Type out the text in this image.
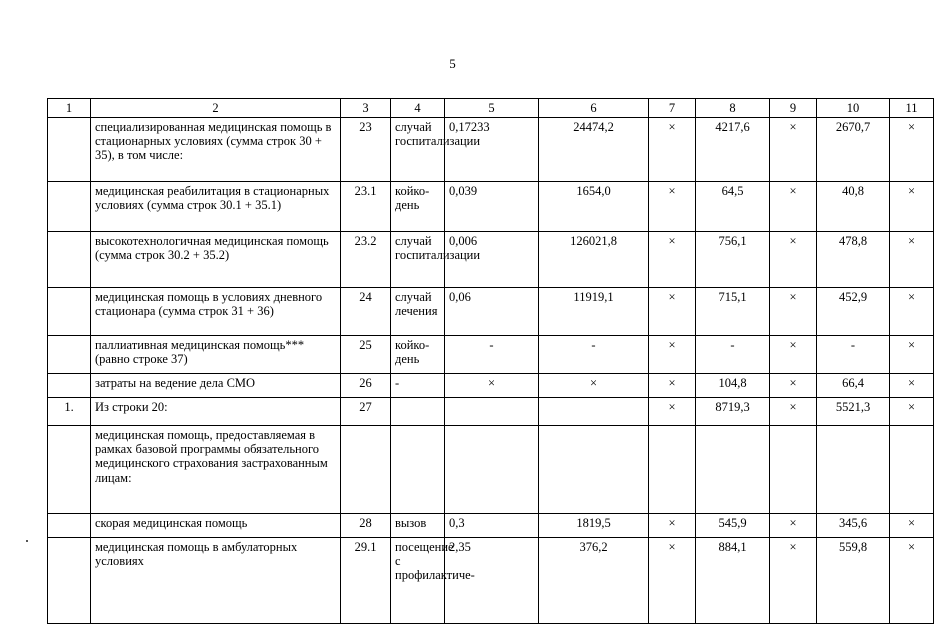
5
1	2	3	4	5	6	7	8	9	10	11
	специализированная медицинская помощь в стационарных условиях (сумма строк 30 + 35), в том числе:	23	случай госпитализации	0,17233	24474,2	×	4217,6	×	2670,7	×
	медицинская реабилитация в стационарных условиях (сумма строк 30.1 + 35.1)	23.1	койко-день	0,039	1654,0	×	64,5	×	40,8	×
	высокотехнологичная медицинская помощь (сумма строк 30.2 + 35.2)	23.2	случай госпитализации	0,006	126021,8	×	756,1	×	478,8	×
	медицинская помощь в условиях дневного стационара (сумма строк 31 + 36)	24	случай лечения	0,06	11919,1	×	715,1	×	452,9	×
	паллиативная медицинская помощь*** (равно строке 37)	25	койко-день	-	-	×	-	×	-	×
	затраты на ведение дела СМО	26	-	×	×	×	104,8	×	66,4	×
1.	Из строки 20:	27				×	8719,3	×	5521,3	×
	медицинская помощь, предоставляемая в рамках базовой программы обязательного медицинского страхования застрахованным лицам:									
	скорая медицинская помощь	28	вызов	0,3	1819,5	×	545,9	×	345,6	×
	медицинская помощь в амбулаторных условиях	29.1	посещение с профилактиче-	2,35	376,2	×	884,1	×	559,8	×
